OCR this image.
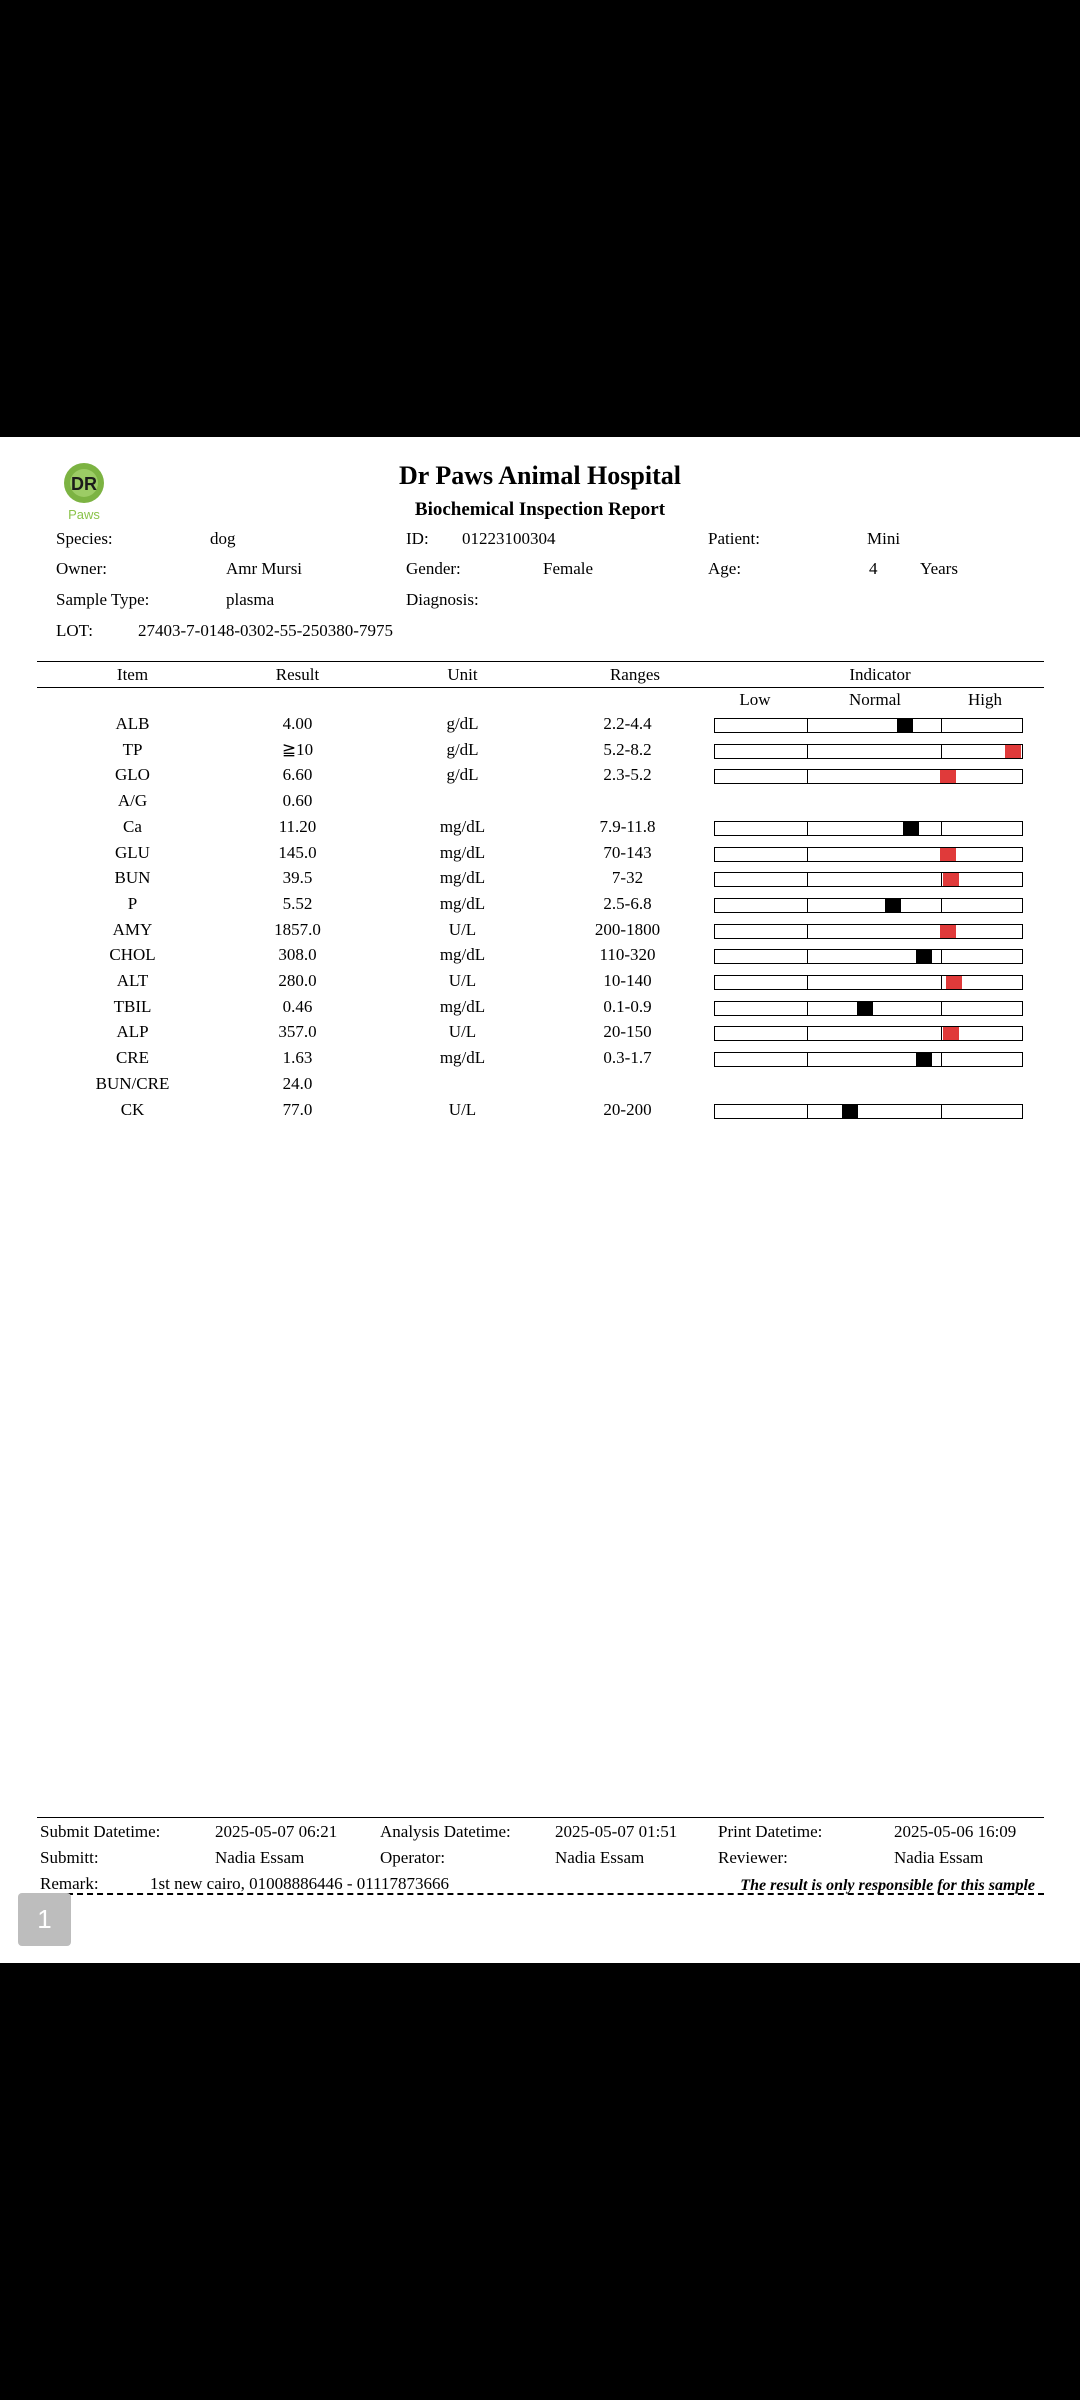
DR
Paws
Dr Paws Animal Hospital
Biochemical Inspection Report
Species:	dog	ID: 01223100304	Patient:	Mini
Owner:	Amr Mursi	Gender:	Female	Age:	4	Years
Sample Type:	plasma	Diagnosis:
LOT:	27403-7-0148-0302-55-250380-7975
Item	Result	Unit	Ranges	Indicator
Low	Normal	High
ALB	4.00	g/dL	2.2-4.4
TP	≧10	g/dL	5.2-8.2
GLO	6.60	g/dL	2.3-5.2
A/G	0.60
Ca	11.20	mg/dL	7.9-11.8
GLU	145.0	mg/dL	70-143
BUN	39.5	mg/dL	7-32
P	5.52	mg/dL	2.5-6.8
AMY	1857.0	U/L	200-1800
CHOL	308.0	mg/dL	110-320
ALT	280.0	U/L	10-140
TBIL	0.46	mg/dL	0.1-0.9
ALP	357.0	U/L	20-150
CRE	1.63	mg/dL	0.3-1.7
BUN/CRE	24.0
CK	77.0	U/L	20-200
Submit Datetime:	2025-05-07 06:21	Analysis Datetime:	2025-05-07 01:51 Print Datetime:	2025-05-06 16:09
Submitt:	Nadia Essam	Operator:	Nadia Essam	Reviewer:	Nadia Essam
Remark:	1st new cairo, 01008886446 - 01117873666	The result is only responsible for this sample
1
